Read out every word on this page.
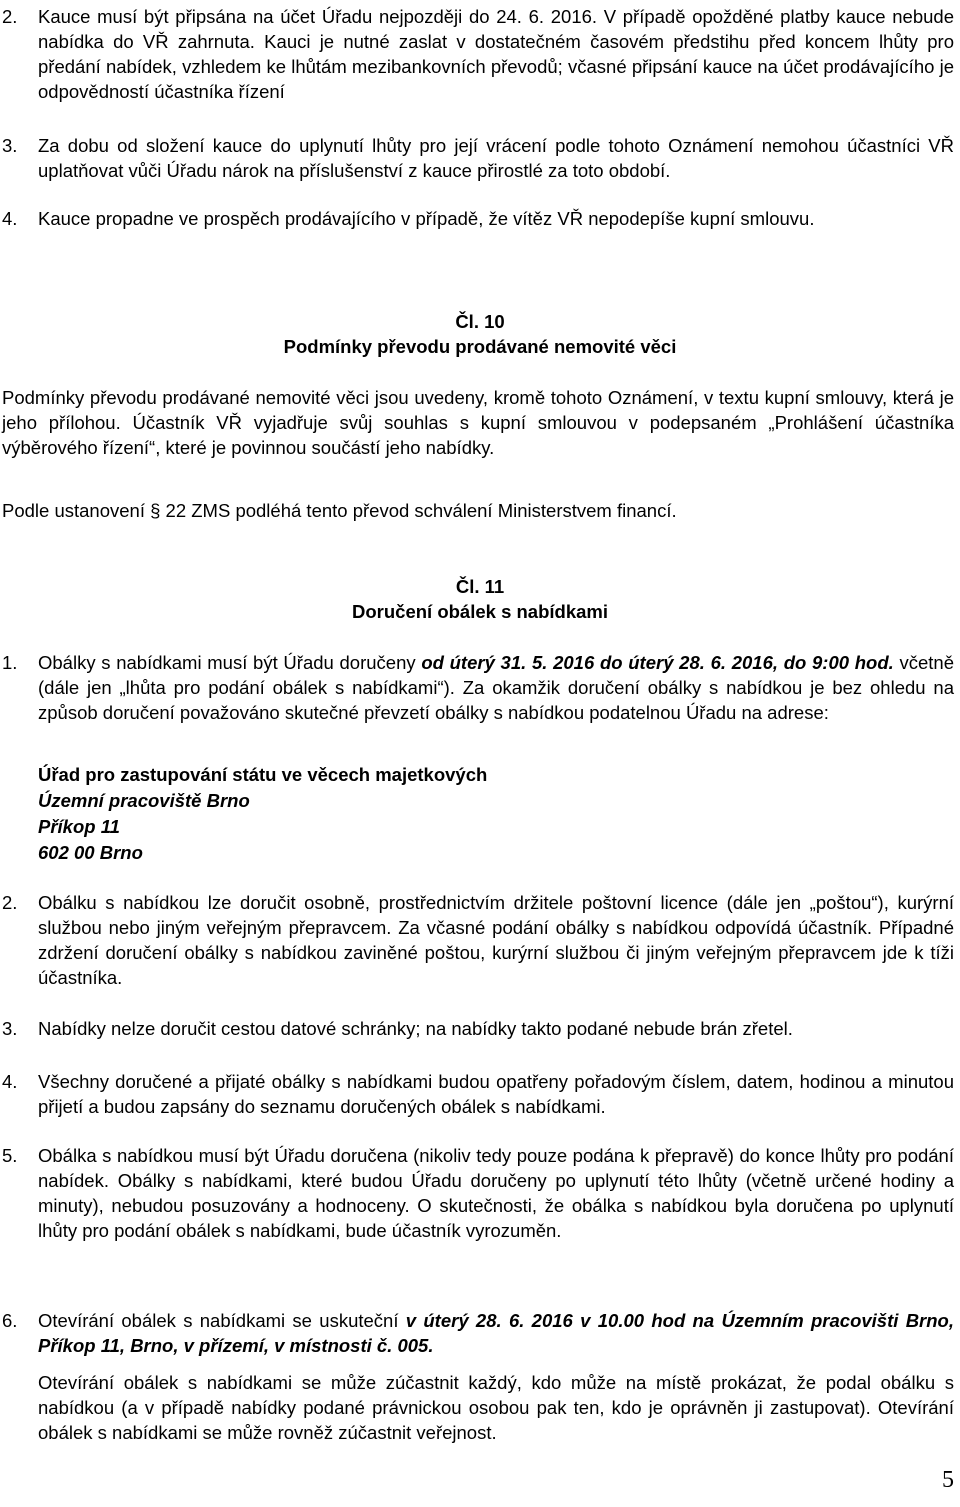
2.	Kauce musí být připsána na účet Úřadu nejpozději do 24. 6. 2016. V případě opožděné platby kauce nebude nabídka do VŘ zahrnuta. Kauci je nutné zaslat v dostatečném časovém předstihu před koncem lhůty pro předání nabídek, vzhledem ke lhůtám mezibankovních převodů; včasné připsání kauce na účet prodávajícího je odpovědností účastníka řízení
3.	Za dobu od složení kauce do uplynutí lhůty pro její vrácení podle tohoto Oznámení nemohou účastníci VŘ uplatňovat vůči Úřadu nárok na příslušenství z kauce přirostlé za toto období.
4.	Kauce propadne ve prospěch prodávajícího v případě, že vítěz VŘ nepodepíše kupní smlouvu.
Čl. 10
Podmínky převodu prodávané nemovité věci
Podmínky převodu prodávané nemovité věci jsou uvedeny, kromě tohoto Oznámení, v textu kupní smlouvy, která je jeho přílohou. Účastník VŘ vyjadřuje svůj souhlas s kupní smlouvou v podepsaném „Prohlášení účastníka výběrového řízení“, které je povinnou součástí jeho nabídky.
Podle ustanovení § 22 ZMS podléhá tento převod schválení Ministerstvem financí.
Čl. 11
Doručení obálek s nabídkami
1.	Obálky s nabídkami musí být Úřadu doručeny od úterý 31. 5. 2016 do úterý 28. 6. 2016, do 9:00 hod. včetně (dále jen „lhůta pro podání obálek s nabídkami“). Za okamžik doručení obálky s nabídkou je bez ohledu na způsob doručení považováno skutečné převzetí obálky s nabídkou podatelnou Úřadu na adrese:
Úřad pro zastupování státu ve věcech majetkových
Územní pracoviště Brno
Příkop 11
602 00 Brno
2.	Obálku s nabídkou lze doručit osobně, prostřednictvím držitele poštovní licence (dále jen „poštou“), kurýrní službou nebo jiným veřejným přepravcem. Za včasné podání obálky s nabídkou odpovídá účastník. Případné zdržení doručení obálky s nabídkou zaviněné poštou, kurýrní službou či jiným veřejným přepravcem jde k tíži účastníka.
3.	Nabídky nelze doručit cestou datové schránky; na nabídky takto podané nebude brán zřetel.
4.	Všechny doručené a přijaté obálky s nabídkami budou opatřeny pořadovým číslem, datem, hodinou a minutou přijetí a budou zapsány do seznamu doručených obálek s nabídkami.
5.	Obálka s nabídkou musí být Úřadu doručena (nikoliv tedy pouze podána k přepravě) do konce lhůty pro podání nabídek. Obálky s nabídkami, které budou Úřadu doručeny po uplynutí této lhůty (včetně určené hodiny a minuty), nebudou posuzovány a hodnoceny. O skutečnosti, že obálka s nabídkou byla doručena po uplynutí lhůty pro podání obálek s nabídkami, bude účastník vyrozuměn.
6.	Otevírání obálek s nabídkami se uskuteční v úterý 28. 6. 2016 v 10.00 hod na Územním pracovišti Brno, Příkop 11, Brno, v přízemí, v místnosti č. 005.
Otevírání obálek s nabídkami se může zúčastnit každý, kdo může na místě prokázat, že podal obálku s nabídkou (a v případě nabídky podané právnickou osobou pak ten, kdo je oprávněn ji zastupovat). Otevírání obálek s nabídkami se může rovněž zúčastnit veřejnost.
5
